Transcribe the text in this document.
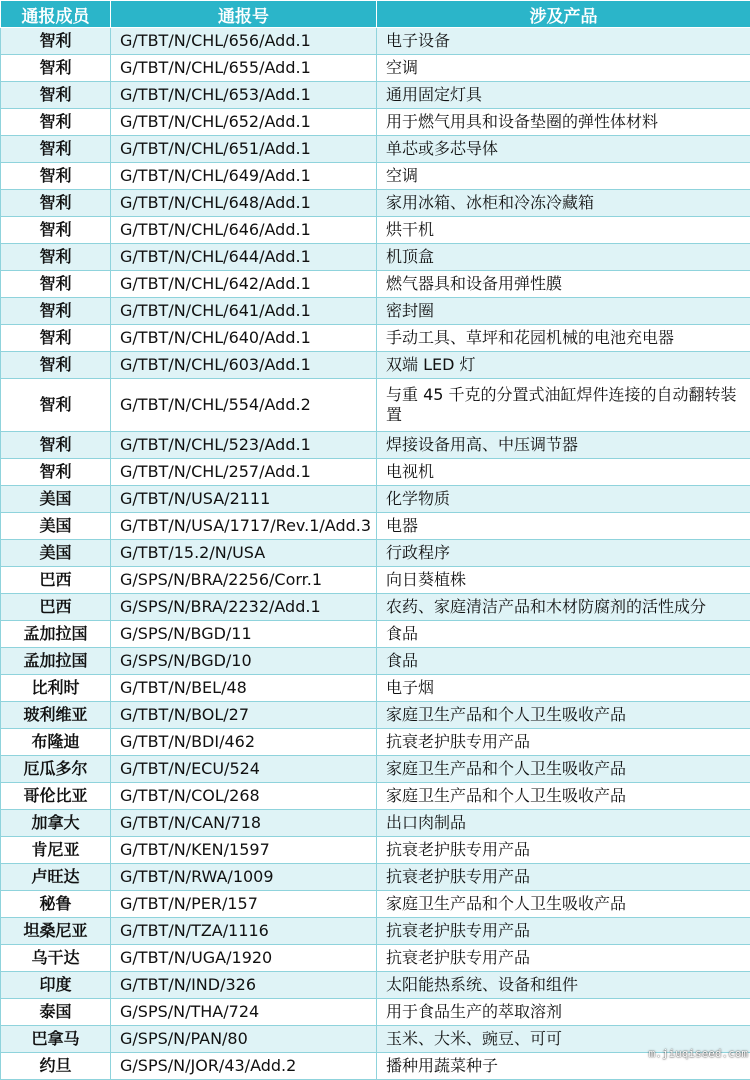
通报成员	通报号	涉及产品
智利	G/TBT/N/CHL/656/Add.1	电子设备
智利	G/TBT/N/CHL/655/Add.1	空调
智利	G/TBT/N/CHL/653/Add.1	通用固定灯具
智利	G/TBT/N/CHL/652/Add.1	用于燃气用具和设备垫圈的弹性体材料
智利	G/TBT/N/CHL/651/Add.1	单芯或多芯导体
智利	G/TBT/N/CHL/649/Add.1	空调
智利	G/TBT/N/CHL/648/Add.1	家用冰箱、冰柜和冷冻冷藏箱
智利	G/TBT/N/CHL/646/Add.1	烘干机
智利	G/TBT/N/CHL/644/Add.1	机顶盒
智利	G/TBT/N/CHL/642/Add.1	燃气器具和设备用弹性膜
智利	G/TBT/N/CHL/641/Add.1	密封圈
智利	G/TBT/N/CHL/640/Add.1	手动工具、草坪和花园机械的电池充电器
智利	G/TBT/N/CHL/603/Add.1	双端 LED 灯
智利	G/TBT/N/CHL/554/Add.2	与重 45 千克的分置式油缸焊件连接的自动翻转装置
智利	G/TBT/N/CHL/523/Add.1	焊接设备用高、中压调节器
智利	G/TBT/N/CHL/257/Add.1	电视机
美国	G/TBT/N/USA/2111	化学物质
美国	G/TBT/N/USA/1717/Rev.1/Add.3	电器
美国	G/TBT/15.2/N/USA	行政程序
巴西	G/SPS/N/BRA/2256/Corr.1	向日葵植株
巴西	G/SPS/N/BRA/2232/Add.1	农药、家庭清洁产品和木材防腐剂的活性成分
孟加拉国	G/SPS/N/BGD/11	食品
孟加拉国	G/SPS/N/BGD/10	食品
比利时	G/TBT/N/BEL/48	电子烟
玻利维亚	G/TBT/N/BOL/27	家庭卫生产品和个人卫生吸收产品
布隆迪	G/TBT/N/BDI/462	抗衰老护肤专用产品
厄瓜多尔	G/TBT/N/ECU/524	家庭卫生产品和个人卫生吸收产品
哥伦比亚	G/TBT/N/COL/268	家庭卫生产品和个人卫生吸收产品
加拿大	G/TBT/N/CAN/718	出口肉制品
肯尼亚	G/TBT/N/KEN/1597	抗衰老护肤专用产品
卢旺达	G/TBT/N/RWA/1009	抗衰老护肤专用产品
秘鲁	G/TBT/N/PER/157	家庭卫生产品和个人卫生吸收产品
坦桑尼亚	G/TBT/N/TZA/1116	抗衰老护肤专用产品
乌干达	G/TBT/N/UGA/1920	抗衰老护肤专用产品
印度	G/TBT/N/IND/326	太阳能热系统、设备和组件
泰国	G/SPS/N/THA/724	用于食品生产的萃取溶剂
巴拿马	G/SPS/N/PAN/80	玉米、大米、豌豆、可可
约旦	G/SPS/N/JOR/43/Add.2	播种用蔬菜种子
m.jiuqiseed.com
